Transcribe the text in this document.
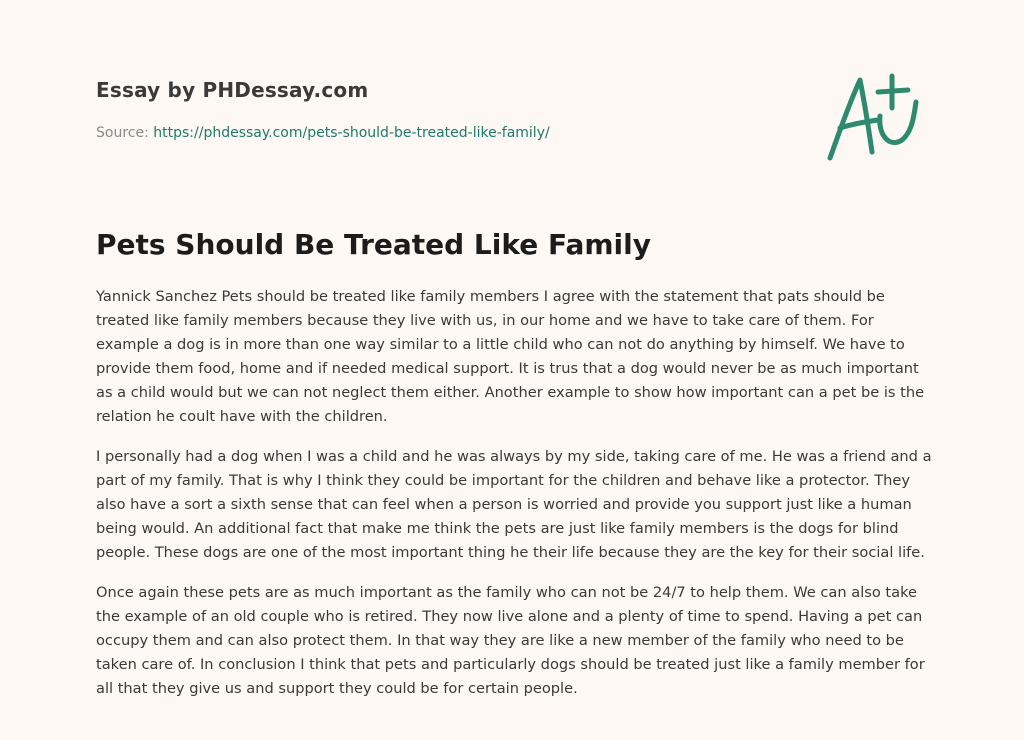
Essay by PHDessay.com
Source: https://phdessay.com/pets-should-be-treated-like-family/
Pets Should Be Treated Like Family

Yannick Sanchez Pets should be treated like family members I agree with the statement that pats should be treated like family members because they live with us, in our home and we have to take care of them. For example a dog is in more than one way similar to a little child who can not do anything by himself. We have to provide them food, home and if needed medical support. It is trus that a dog would never be as much important as a child would but we can not neglect them either. Another example to show how important can a pet be is the relation he coult have with the children.

I personally had a dog when I was a child and he was always by my side, taking care of me. He was a friend and a part of my family. That is why I think they could be important for the children and behave like a protector. They also have a sort a sixth sense that can feel when a person is worried and provide you support just like a human being would. An additional fact that make me think the pets are just like family members is the dogs for blind people. These dogs are one of the most important thing he their life because they are the key for their social life.

Once again these pets are as much important as the family who can not be 24/7 to help them. We can also take the example of an old couple who is retired. They now live alone and a plenty of time to spend. Having a pet can occupy them and can also protect them. In that way they are like a new member of the family who need to be taken care of. In conclusion I think that pets and particularly dogs should be treated just like a family member for all that they give us and support they could be for certain people.
